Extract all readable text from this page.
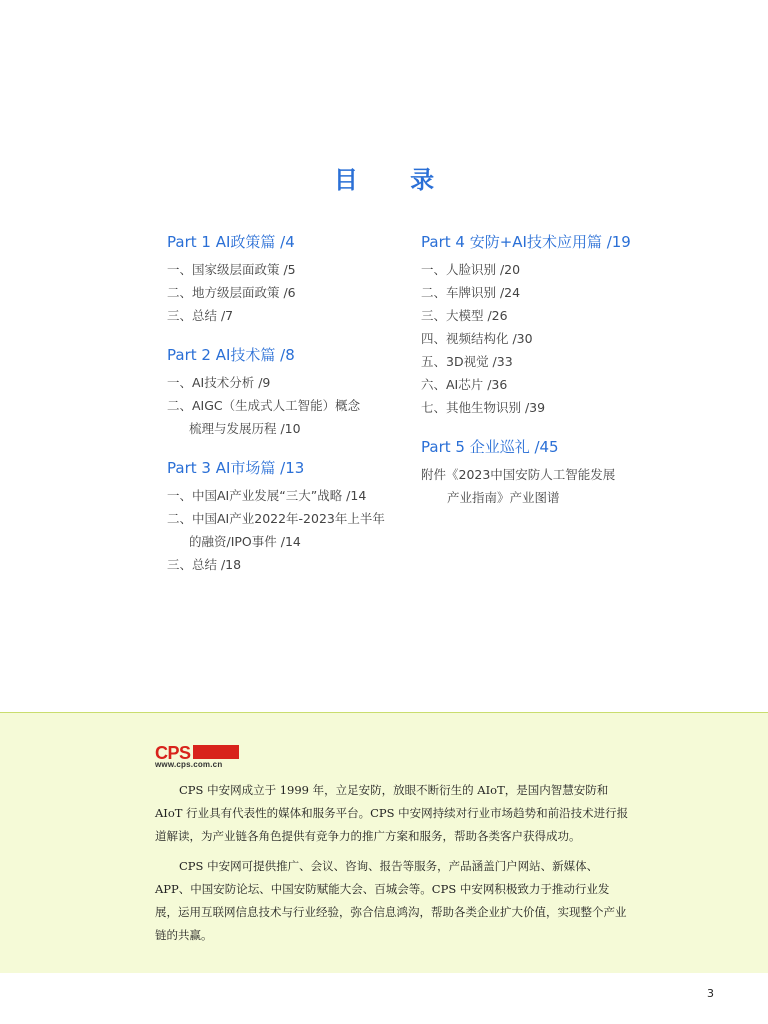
目 录
Part 1 AI政策篇 /4
一、国家级层面政策 /5
二、地方级层面政策 /6
三、总结 /7
Part 2 AI技术篇 /8
一、AI技术分析 /9
二、AIGC（生成式人工智能）概念
梳理与发展历程 /10
Part 3 AI市场篇 /13
一、中国AI产业发展“三大”战略 /14
二、中国AI产业2022年-2023年上半年
的融资/IPO事件 /14
三、总结 /18
Part 4 安防+AI技术应用篇 /19
一、人脸识别 /20
二、车牌识别 /24
三、大模型 /26
四、视频结构化 /30
五、3D视觉 /33
六、AI芯片 /36
七、其他生物识别 /39
Part 5 企业巡礼 /45
附件《2023中国安防人工智能发展
产业指南》产业图谱
CPS
www.cps.com.cn
CPS 中安网成立于 1999 年，立足安防，放眼不断衍生的 AIoT，是国内智慧安防和 AIoT 行业具有代表性的媒体和服务平台。CPS 中安网持续对行业市场趋势和前沿技术进行报道解读，为产业链各角色提供有竞争力的推广方案和服务，帮助各类客户获得成功。
CPS 中安网可提供推广、会议、咨询、报告等服务，产品涵盖门户网站、新媒体、APP、中国安防论坛、中国安防赋能大会、百城会等。CPS 中安网积极致力于推动行业发展，运用互联网信息技术与行业经验，弥合信息鸿沟，帮助各类企业扩大价值，实现整个产业链的共赢。
3
